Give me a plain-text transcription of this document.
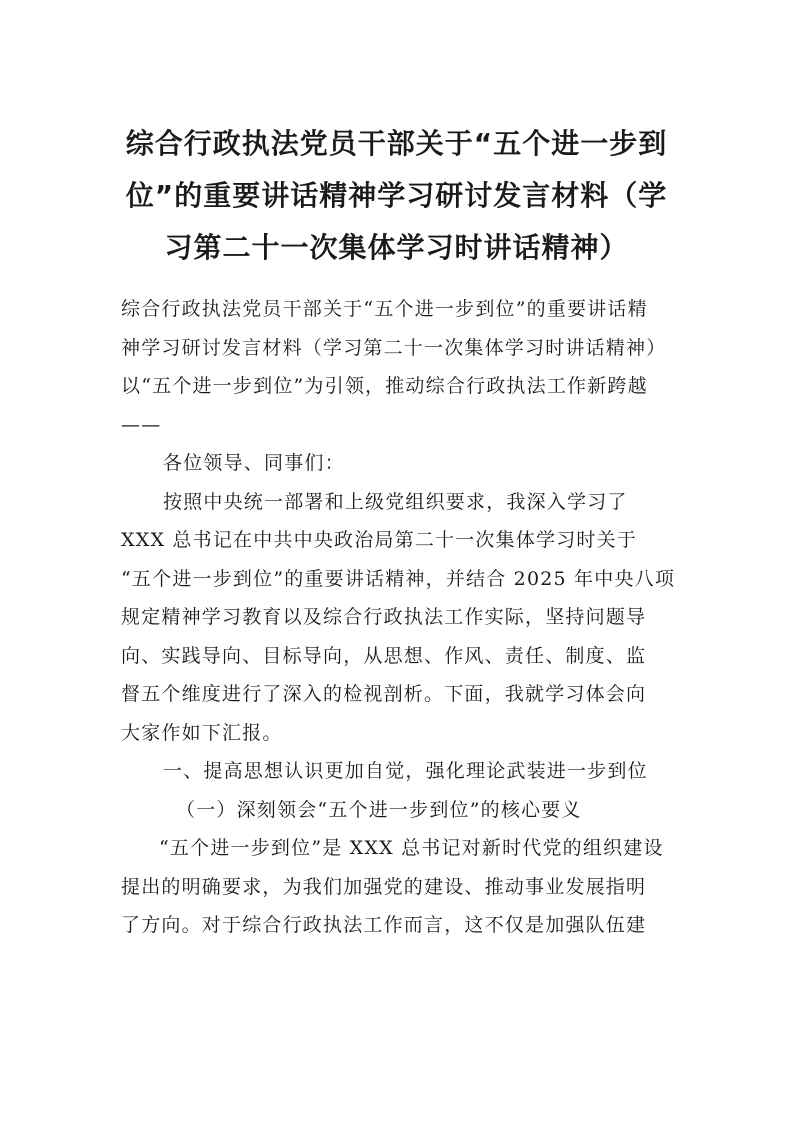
综合行政执法党员干部关于“五个进一步到
位”的重要讲话精神学习研讨发言材料（学
习第二十一次集体学习时讲话精神）
综合行政执法党员干部关于“五个进一步到位”的重要讲话精
神学习研讨发言材料（学习第二十一次集体学习时讲话精神）
以“五个进一步到位”为引领，推动综合行政执法工作新跨越
——
各位领导、同事们：
按照中央统一部署和上级党组织要求，我深入学习了
XXX 总书记在中共中央政治局第二十一次集体学习时关于
“五个进一步到位”的重要讲话精神，并结合 2025 年中央八项
规定精神学习教育以及综合行政执法工作实际，坚持问题导
向、实践导向、目标导向，从思想、作风、责任、制度、监
督五个维度进行了深入的检视剖析。下面，我就学习体会向
大家作如下汇报。
一、提高思想认识更加自觉，强化理论武装进一步到位
（一）深刻领会“五个进一步到位”的核心要义
“五个进一步到位”是 XXX 总书记对新时代党的组织建设
提出的明确要求，为我们加强党的建设、推动事业发展指明
了方向。对于综合行政执法工作而言，这不仅是加强队伍建
